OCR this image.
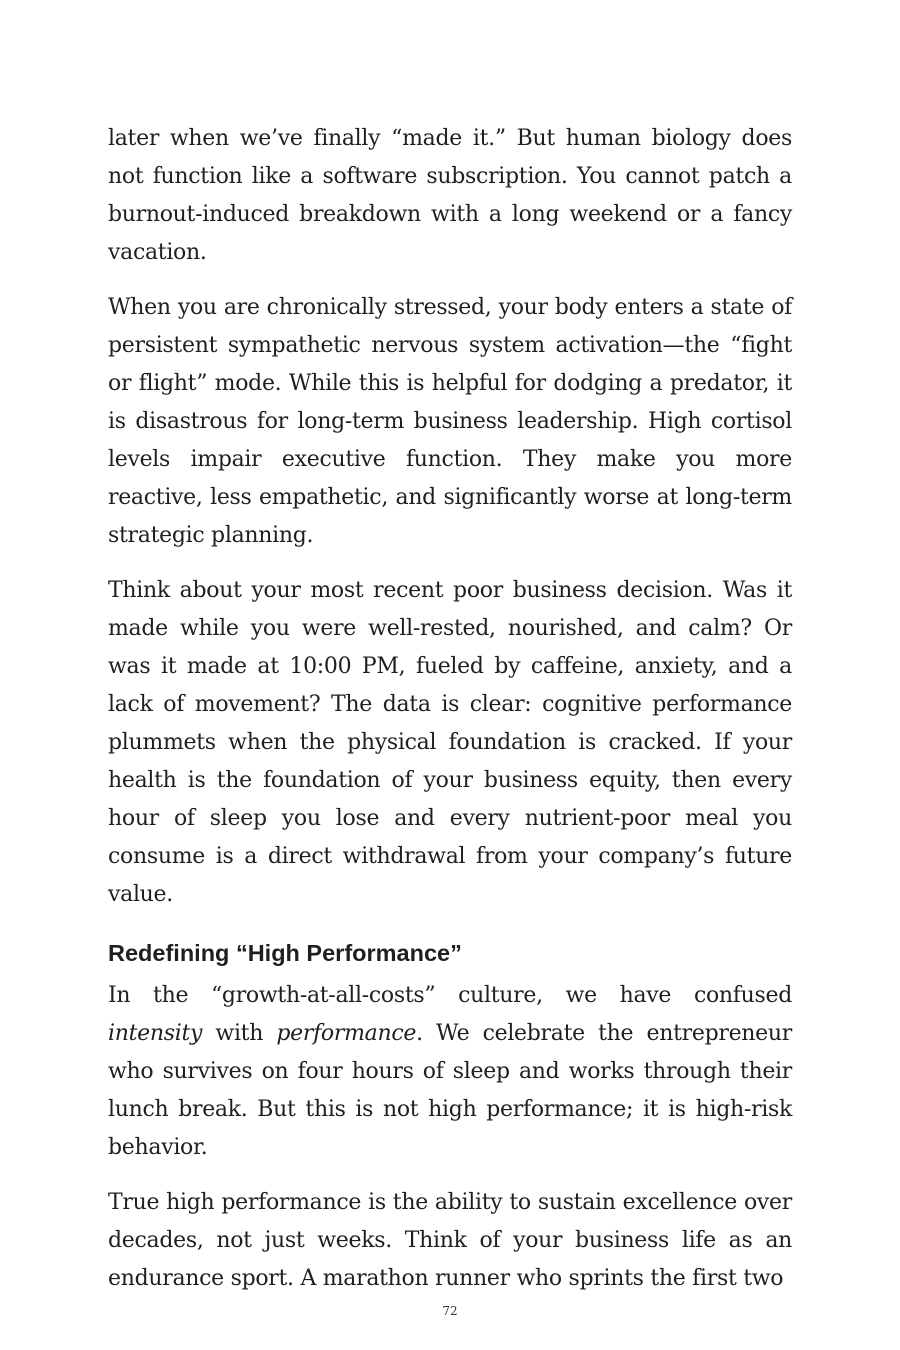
later when we’ve finally “made it.” But human biology does not function like a software subscription. You cannot patch a burnout-induced breakdown with a long weekend or a fancy vacation.

When you are chronically stressed, your body enters a state of persistent sympathetic nervous system activation—the “fight or flight” mode. While this is helpful for dodging a predator, it is disastrous for long-term business leadership. High cortisol levels impair executive function. They make you more reactive, less empathetic, and significantly worse at long-term strategic planning.

Think about your most recent poor business decision. Was it made while you were well-rested, nourished, and calm? Or was it made at 10:00 PM, fueled by caffeine, anxiety, and a lack of movement? The data is clear: cognitive performance plummets when the physical foundation is cracked. If your health is the foundation of your business equity, then every hour of sleep you lose and every nutrient-poor meal you consume is a direct withdrawal from your company’s future value.

Redefining “High Performance”

In the “growth-at-all-costs” culture, we have confused intensity with performance. We celebrate the entrepreneur who survives on four hours of sleep and works through their lunch break. But this is not high performance; it is high-risk behavior.

True high performance is the ability to sustain excellence over decades, not just weeks. Think of your business life as an endurance sport. A marathon runner who sprints the first two

72
